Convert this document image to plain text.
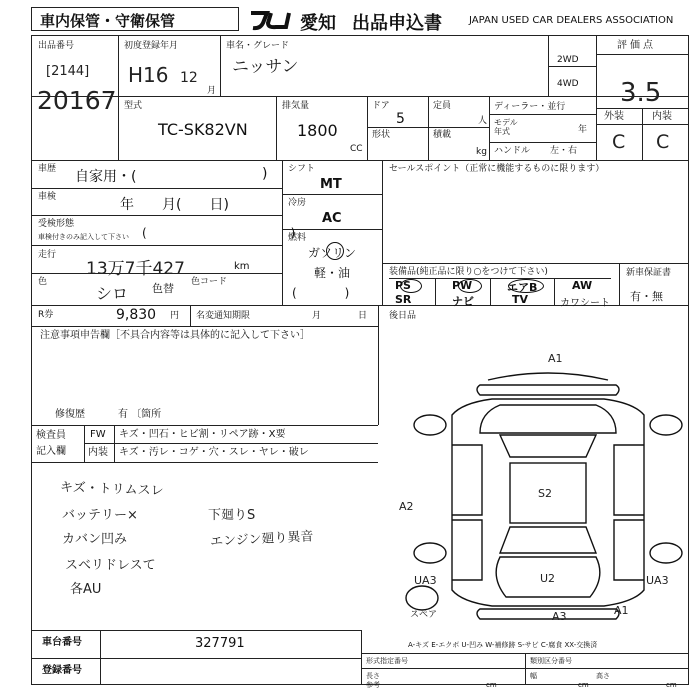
車内保管・守衛保管	愛知 出品申込書	JAPAN USED CAR DEALERS ASSOCIATION
出品番号
[2144]
20167
初度登録年月
H16 12
月
車名・グレード
ニッサン	2WD
4WD
評価点
3.5
外装	内装
C C
型式
TC-SK82VN
排気量
1800
CC
ドア
5
形状
定員
人
積載
kg
ディーラー・並行
モデル
年式	年
ハンドル 左・右
車歴 自家用・(	)
車検	年　　月(　　日)
受検形態
車検付きのみ記入して下さい (　　　　　　　　　　　　)
走行
13万7千427	km
色
シロ 色替 色コード
シフト
MT
冷房
AC
燃料
ガソリン
軽・油
(　　　　)
セールスポイント（正常に機能するものに限ります）
装備品(純正品に限り○をつけて下さい)
PS	PW	エアB	AW
SR	ナビ	TV	カワシート
新車保証書
有・無
R券	9,830 円 名変通知期限	月	日 後日品
注意事項申告欄［不具合内容等は具体的に記入して下さい］
修復歴	有 〔箇所
検査員
記入欄
FW キズ・凹石・ヒビ割・リペア跡・X要
内装 キズ・汚レ・コゲ・穴・スレ・ヤレ・破レ
キズ・トリムスレ
バッテリー×
カバン凹み
スベリドレスて
各AU
下廻りS
エンジン廻り異音
A1
S2
A2
U2
UA3	UA3
A3	A1
スペア
A-キズ E-エクボ U-凹み W-補修跡 S-サビ C-腐食 XX-交換済
車台番号	327791
登録番号
形式指定番号	類別区分番号
長さ
参考	cm
幅
cm
高さ
cm
